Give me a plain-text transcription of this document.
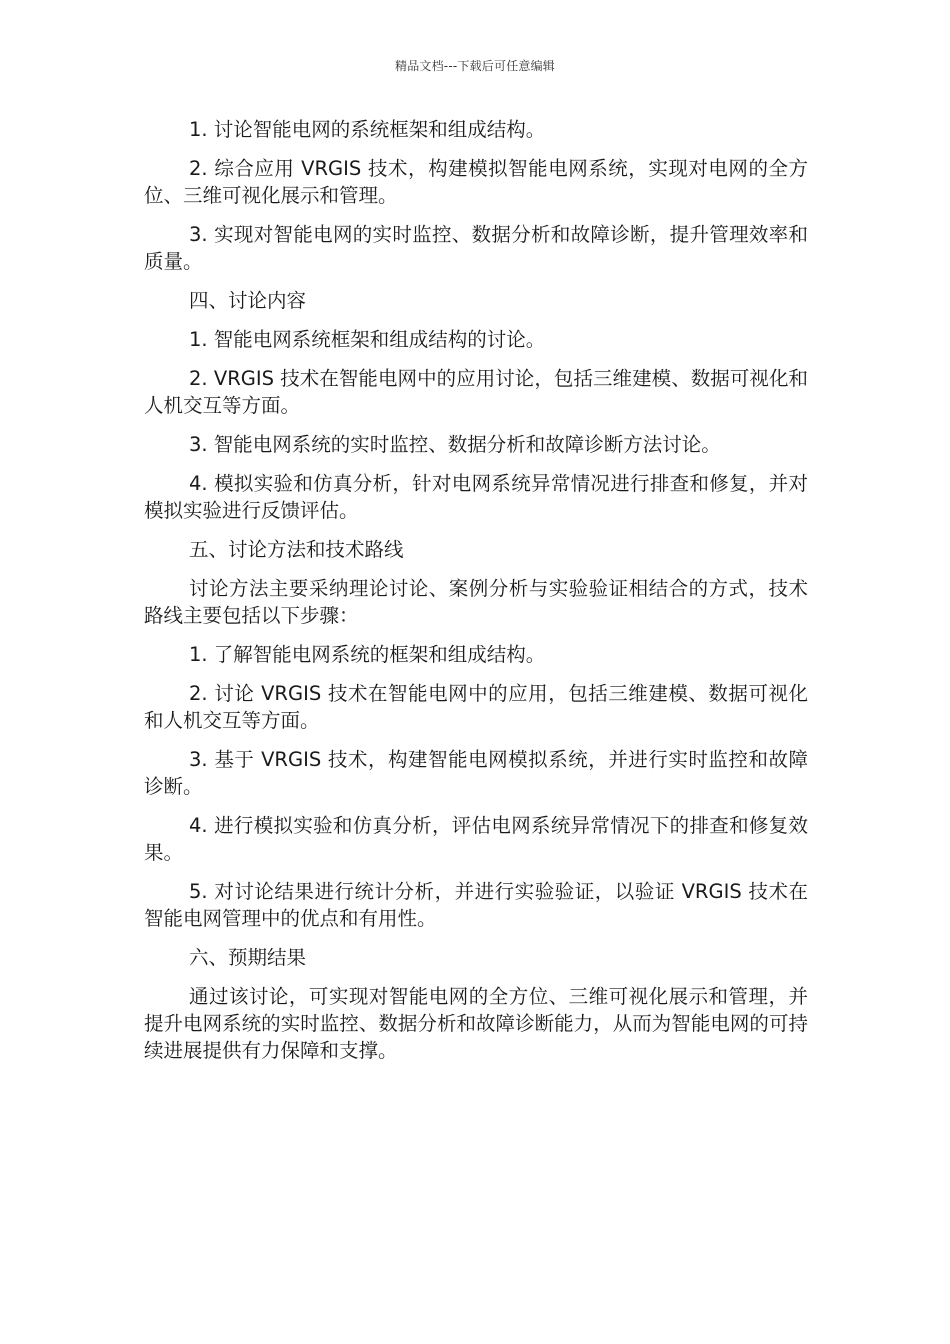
精品文档---下载后可任意编辑

1. 讨论智能电网的系统框架和组成结构。

2. 综合应用 VRGIS 技术，构建模拟智能电网系统，实现对电网的全方位、三维可视化展示和管理。

3. 实现对智能电网的实时监控、数据分析和故障诊断，提升管理效率和质量。

四、讨论内容

1. 智能电网系统框架和组成结构的讨论。

2. VRGIS 技术在智能电网中的应用讨论，包括三维建模、数据可视化和人机交互等方面。

3. 智能电网系统的实时监控、数据分析和故障诊断方法讨论。

4. 模拟实验和仿真分析，针对电网系统异常情况进行排查和修复，并对模拟实验进行反馈评估。

五、讨论方法和技术路线

讨论方法主要采纳理论讨论、案例分析与实验验证相结合的方式，技术路线主要包括以下步骤：

1. 了解智能电网系统的框架和组成结构。

2. 讨论 VRGIS 技术在智能电网中的应用，包括三维建模、数据可视化和人机交互等方面。

3. 基于 VRGIS 技术，构建智能电网模拟系统，并进行实时监控和故障诊断。

4. 进行模拟实验和仿真分析，评估电网系统异常情况下的排查和修复效果。

5. 对讨论结果进行统计分析，并进行实验验证，以验证 VRGIS 技术在智能电网管理中的优点和有用性。

六、预期结果

通过该讨论，可实现对智能电网的全方位、三维可视化展示和管理，并提升电网系统的实时监控、数据分析和故障诊断能力，从而为智能电网的可持续进展提供有力保障和支撑。
